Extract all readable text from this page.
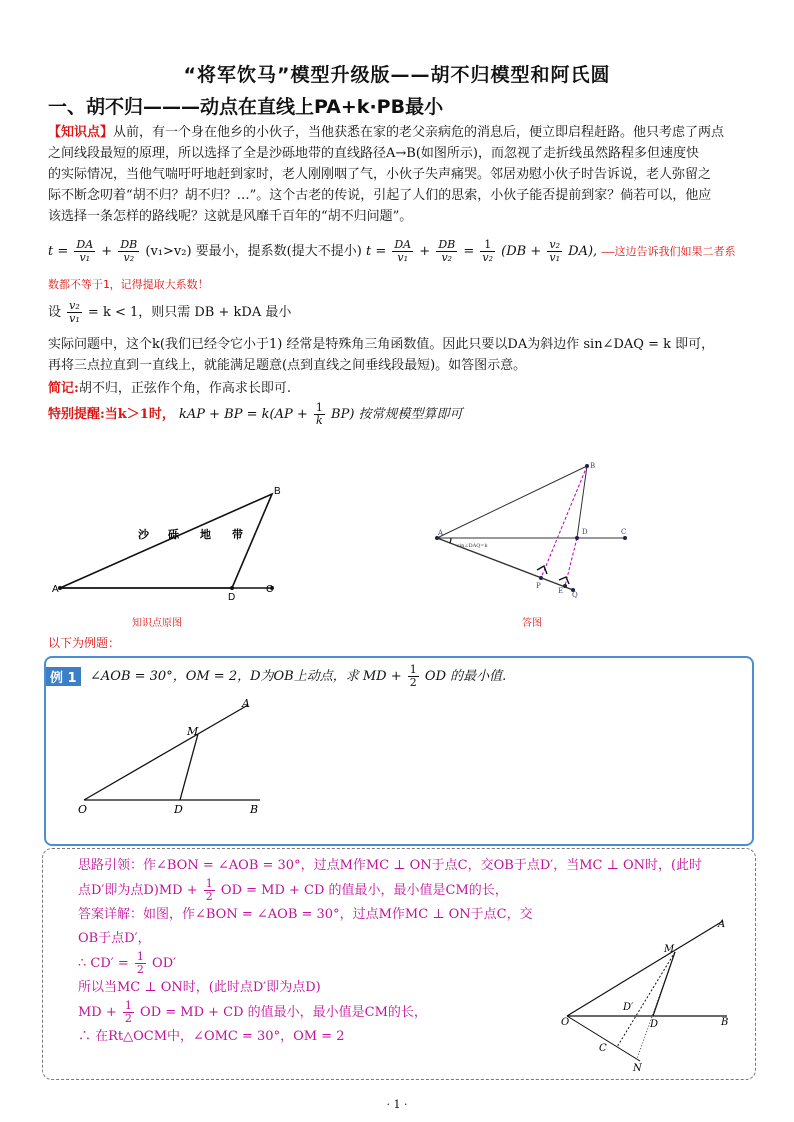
“将军饮马”模型升级版——胡不归模型和阿氏圆
一、胡不归———动点在直线上PA+k·PB最小
【知识点】从前，有一个身在他乡的小伙子，当他获悉在家的老父亲病危的消息后，便立即启程赶路。他只考虑了两点
之间线段最短的原理，所以选择了全是沙砾地带的直线路径A→B(如图所示)，而忽视了走折线虽然路程多但速度快
的实际情况，当他气喘吁吁地赶到家时，老人刚刚咽了气，小伙子失声痛哭。邻居劝慰小伙子时告诉说，老人弥留之
际不断念叨着“胡不归？胡不归？…”。这个古老的传说，引起了人们的思索，小伙子能否提前到家？倘若可以，他应
该选择一条怎样的路线呢？这就是风靡千百年的“胡不归问题”。
$t = \frac{DA}{\text{v₁}} + \frac{DB}{\text{v₂}} (v_1>v_2)$ 要最小，提系数(提大不提小) $t = \frac{DA}{\text{v₁}} + \frac{DB}{\text{v₂}} = \frac{1}{\text{v₂}} (DB + \frac{\text{v₂}}{\text{v₁}} DA)$, ——这边告诉我们如果二者系
数都不等于1，记得提取大系数！
设 $\frac{\text{v₂}}{\text{v₁}} = k < 1$，则只需 DB + kDA 最小
实际问题中，这个k(我们已经令它小于1) 经常是特殊角三角函数值。因此只要以DA为斜边作 sin∠DAQ = k 即可，
再将三点拉直到一直线上，就能满足题意(点到直线之间垂线段最短)。如答图示意。
简记:胡不归，正弦作个角，作高求长即可.
特别提醒:当k＞1时， kAP + BP = $k(AP + \frac{1}{k} BP)$ 按常规模型算即可
A
B
D
C
沙 砾 地 带
知识点原图
A
B
D	C
P
E Q
sin∠DAQ=k
答图
以下为例题：
例 1	∠AOB = 30°，OM = 2，D为OB上动点，求 MD + $\frac{1}{2}$ OD 的最小值.
A
M
O	D	B
思路引领：作∠BON = ∠AOB = 30°，过点M作MC ⊥ ON于点C，交OB于点D′，当MC ⊥ ON时，(此时
点D′即为点$D)MD + \frac{1}{2}$ OD = MD + CD 的值最小，最小值是CM的长，
答案详解：如图，作∠BON = ∠AOB = 30°，过点M作MC ⊥ ON于点C，交
OB于点D′，
∴ $CD' = \frac{1}{2} OD'$
所以当MC ⊥ ON时，(此时点D′即为点D)
MD + $\frac{1}{2}$ OD = MD + CD 的值最小，最小值是CM的长，
∴ 在Rt△OCM中，∠OMC = 30°，OM = 2
M
A
O	D
D′
B
C
N
· 1 ·
